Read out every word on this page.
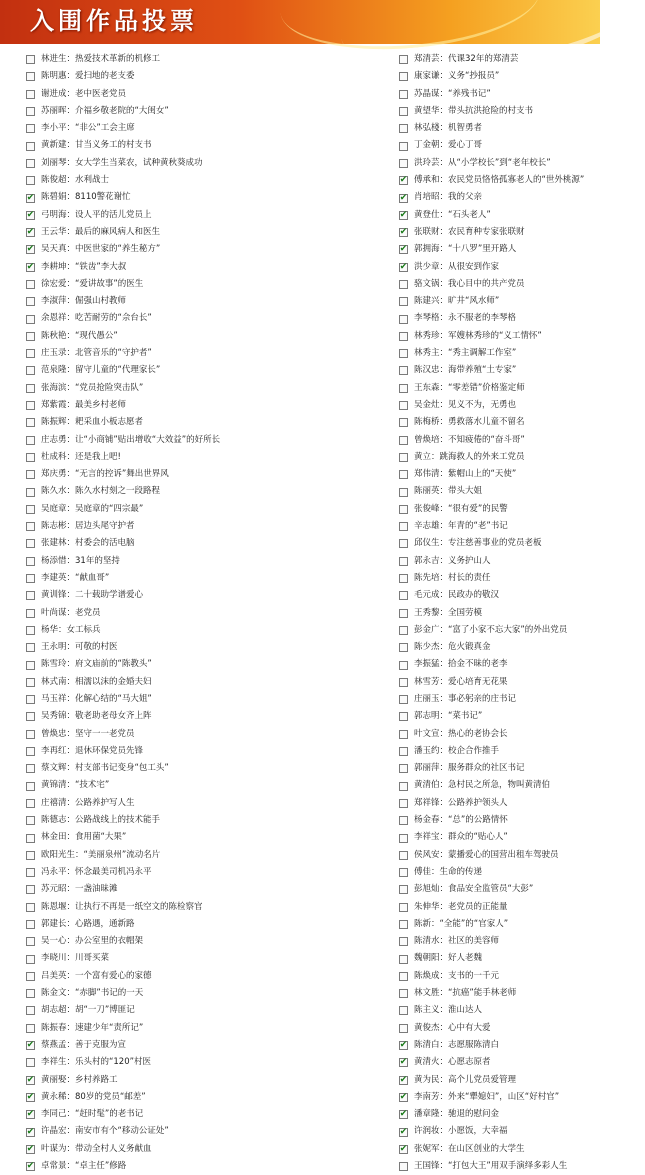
入围作品投票
林进生：热爱技术革新的机修工
陈明惠：爱扫地的老支委
谢进成：老中医老党员
苏丽晖：介福乡敬老院的“大闺女”
李小平：“非公”工会主席
黄新建：甘当义务工的村支书
刘丽琴：女大学生当菜农，试种黄秋葵成功
陈俊超：水利战士
✔ 陈碧娟：8110警花谢忙
✔ 弓明海：设人平的活儿党员上
✔ 王云华：最后的麻风病人和医生
✔ 吴天真：中医世家的“养生秘方”
✔ 李耕坤：“铁齿”李大叔
徐宏爱：“爱讲故事”的医生
李淑萍：倔强山村教师
余恩祥：吃苦耐劳的“佘台长”
陈秋艳：“现代愚公”
庄玉录：北管音乐的“守护者”
范泉隆：留守儿童的“代理家长”
张海滨：“党员抢险突击队”
郑紫霞：最美乡村老师
陈振辉：耙采血小板志愿者
庄志勇：让“小商铺”贴出增收“大效益”的好所长
杜成科：还是我上吧!
郑庆勇：“无言的控诉”舞出世界风
陈久水：陈久水村刻之一段路程
吴庭章：吴庭章的“四宗最”
陈志彬：居边头尾守护者
张建林：村委会的活电脑
杨添惜：31年的坚持
李建英：“献血哥”
黄训锋：二十载助学谱爱心
叶尚谋：老党员
杨华：女工标兵
王永明：可敬的村医
陈雪玲：府文庙前的“陈教头”
林式南：相濡以沫的金婚夫妇
马玉祥：化解心结的“马大姐”
吴秀锦：敬老助老母女齐上阵
曾焕忠：坚守一一老党员
李再红：退休环保党员先锋
蔡文辉：村支部书记变身“包工头”
黄锦清：“技术宅”
庄禧清：公路养护写人生
陈德志：公路战线上的技术能手
林金田：食用菌“大果”
欧阳光生：“美丽泉州”流动名片
冯永平：怀念最美司机冯永平
苏元昭：一盏油昧滩
陈恩堰：让执行不再是一纸空文的陈检察官
郭建长：心路遇，通新路
吴一心：办公室里的衣帽架
李晓川：川哥买菜
吕美英：一个富有爱心的家德
陈金文：“赤脚”书记的一天
胡志超：胡“一刀”博匪记
陈振春：速建少年“责所记”
✔ 蔡燕孟：善于克服为宣
李祥生：乐头村的“120”村医
✔ 黄丽娶：乡村养路工
✔ 黄永稀：80岁的党员“邮差”
✔ 李同己：“赶时髦”的老书记
✔ 许晶宏：南安市有个“移动公证处”
✔ 叶谋为：带动全村人义务献血
✔ 卓常景：“卓主任”修路
郑清芸：代课32年的郑清芸
康家谦：义务“抄报员”
苏晶谋：“养残书记”
黄望华：带头抗洪抢险的村支书
林弘棧：机智勇者
丁金朝：爱心丁哥
洪玲芸：从“小学校长”到“老年校长”
✔ 傅承和：农民党员恪恪孤寡老人的“世外桃源”
✔ 肖培昭：我的父亲
✔ 黄登仕：“石头老人”
✔ 张联财：农民育种专家张联财
✔ 郭拥海：“十八罗”里开路人
✔ 洪少章：从很安到作家
骆文锅：我心目中的共产党员
陈建兴：旷井“风水师”
李琴格：永不服老的李琴格
林秀珍：军嫂林秀珍的“义工情怀”
林秀主：“秀主调解工作室”
陈汉忠：海带养殖“土专家”
王东森：“零差错”价格鉴定师
吴金灶：见义不为，无勇也
陈梅桥：勇救落水儿童不留名
曾焕培：不知疲倦的“奋斗哥”
黄立：跳海救人的外来工党员
郑伟清：紫帽山上的“天使”
陈丽英：带头大姐
张俊峰：“很有爱”的民警
辛志雄：年青的“老”书记
邱仪生：专注慈善事业的党员老板
郭永吉：义务护山人
陈先培：村长的责任
毛元成：民政办的敬汉
王秀黎：全国劳模
彭金广：“富了小家不忘大家”的外出党员
陈少杰：危火锻真金
李振猛：拾金不昧的老李
林雪芳：爱心培育无花果
庄丽玉：事必躬亲的庄书记
郭志明：“菜书记”
叶文宣：热心的老协会长
潘玉约：校企合作推手
郭丽萍：服务群众的社区书记
黄清伯：急村民之所急，物叫黄清伯
郑祥锋：公路养护领头人
杨金春：“总”的公路情怀
李祥宝：群众的“贴心人”
侯风安：蒙播爱心的国营出租车驾驶员
傅佳：生命的传递
彭旭灿：食品安全监管员“大彭”
朱伸华：老党员的正能量
陈新：“全能”的“官家人”
陈清水：社区的美容师
魏朝阳：好人老魏
陈焕成：支书的一千元
林文胜：“抗癌”能手林老师
陈主义：淮山达人
黄俊杰：心中有大爱
✔ 陈清白：志愿服陈清白
✔ 黄清火：心愿志原者
✔ 黄为民：高个儿党员爱管理
✔ 李南芳：外来“犟媳妇”，山区“好村官”
✔ 潘章隆：驰退的慰问金
✔ 许润妆：小愿饭，大幸福
✔ 张妮军：在山区创业的大学生
王国锋：“打包大王”用双手演绎多彩人生
